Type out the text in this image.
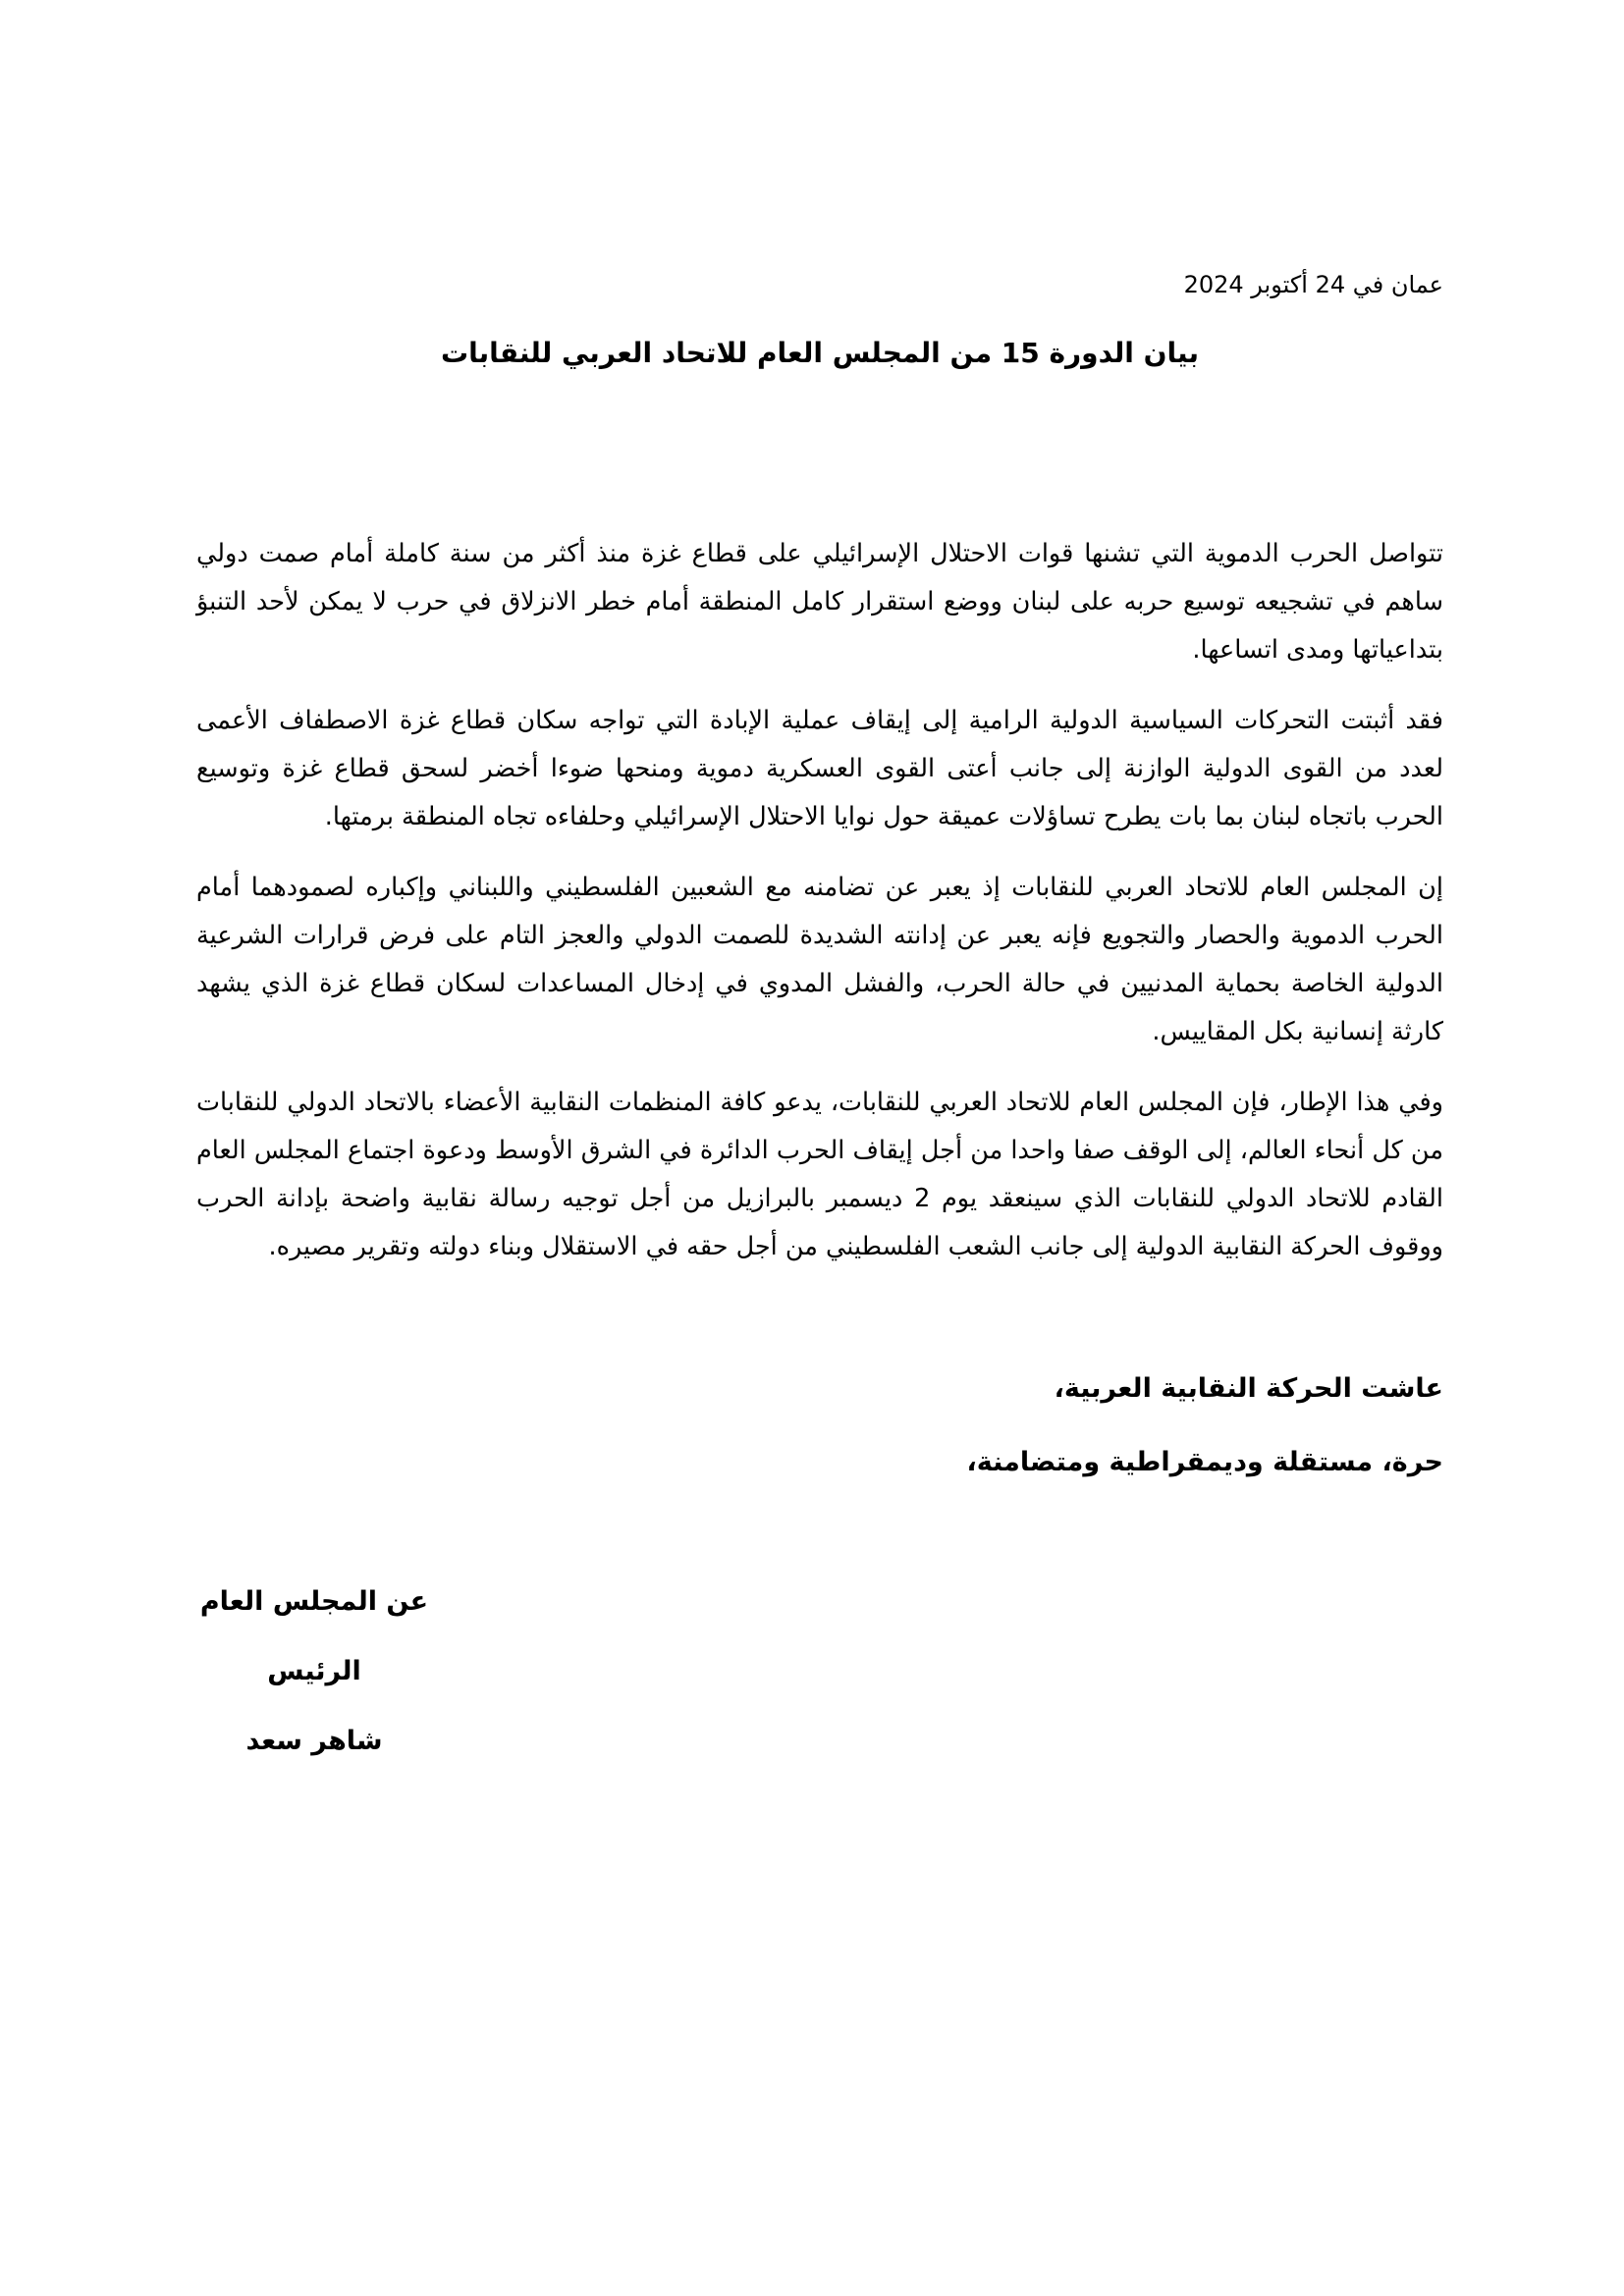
عمان في 24 أكتوبر 2024
بيان الدورة 15 من المجلس العام للاتحاد العربي للنقابات

تتواصل الحرب الدموية التي تشنها قوات الاحتلال الإسرائيلي على قطاع غزة منذ أكثر من سنة كاملة أمام صمت دولي ساهم في تشجيعه توسيع حربه على لبنان ووضع استقرار كامل المنطقة أمام خطر الانزلاق في حرب لا يمكن لأحد التنبؤ بتداعياتها ومدى اتساعها.

فقد أثبتت التحركات السياسية الدولية الرامية إلى إيقاف عملية الإبادة التي تواجه سكان قطاع غزة الاصطفاف الأعمى لعدد من القوى الدولية الوازنة إلى جانب أعتى القوى العسكرية دموية ومنحها ضوءا أخضر لسحق قطاع غزة وتوسيع الحرب باتجاه لبنان بما بات يطرح تساؤلات عميقة حول نوايا الاحتلال الإسرائيلي وحلفاءه تجاه المنطقة برمتها.

إن المجلس العام للاتحاد العربي للنقابات إذ يعبر عن تضامنه مع الشعبين الفلسطيني واللبناني وإكباره لصمودهما أمام الحرب الدموية والحصار والتجويع فإنه يعبر عن إدانته الشديدة للصمت الدولي والعجز التام على فرض قرارات الشرعية الدولية الخاصة بحماية المدنيين في حالة الحرب، والفشل المدوي في إدخال المساعدات لسكان قطاع غزة الذي يشهد كارثة إنسانية بكل المقاييس.

وفي هذا الإطار، فإن المجلس العام للاتحاد العربي للنقابات، يدعو كافة المنظمات النقابية الأعضاء بالاتحاد الدولي للنقابات من كل أنحاء العالم، إلى الوقف صفا واحدا من أجل إيقاف الحرب الدائرة في الشرق الأوسط ودعوة اجتماع المجلس العام القادم للاتحاد الدولي للنقابات الذي سينعقد يوم 2 ديسمبر بالبرازيل من أجل توجيه رسالة نقابية واضحة بإدانة الحرب ووقوف الحركة النقابية الدولية إلى جانب الشعب الفلسطيني من أجل حقه في الاستقلال وبناء دولته وتقرير مصيره.

عاشت الحركة النقابية العربية،
حرة، مستقلة وديمقراطية ومتضامنة،
عن المجلس العام
الرئيس
شاهر سعد
